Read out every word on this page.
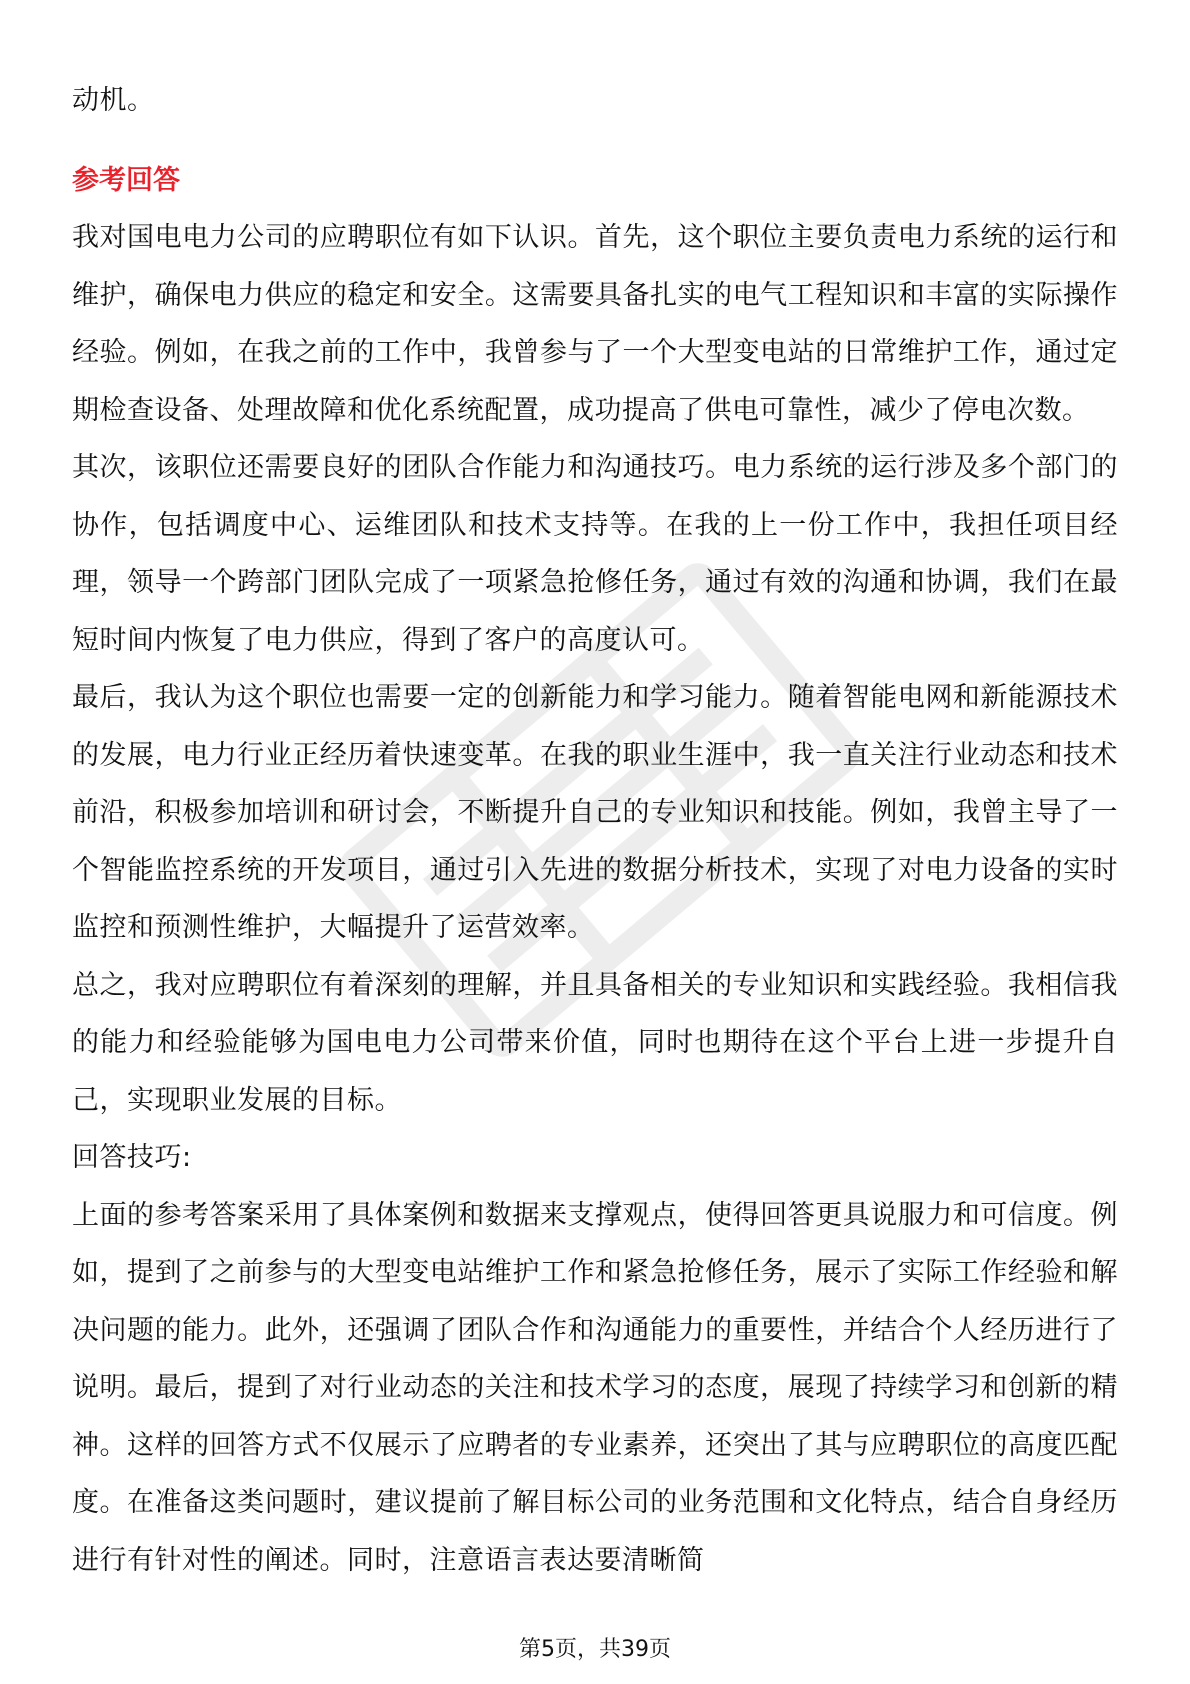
动机。

参考回答

我对国电电力公司的应聘职位有如下认识。首先，这个职位主要负责电力系统的运行和维护，确保电力供应的稳定和安全。这需要具备扎实的电气工程知识和丰富的实际操作经验。例如，在我之前的工作中，我曾参与了一个大型变电站的日常维护工作，通过定期检查设备、处理故障和优化系统配置，成功提高了供电可靠性，减少了停电次数。

其次，该职位还需要良好的团队合作能力和沟通技巧。电力系统的运行涉及多个部门的协作，包括调度中心、运维团队和技术支持等。在我的上一份工作中，我担任项目经理，领导一个跨部门团队完成了一项紧急抢修任务，通过有效的沟通和协调，我们在最短时间内恢复了电力供应，得到了客户的高度认可。

最后，我认为这个职位也需要一定的创新能力和学习能力。随着智能电网和新能源技术的发展，电力行业正经历着快速变革。在我的职业生涯中，我一直关注行业动态和技术前沿，积极参加培训和研讨会，不断提升自己的专业知识和技能。例如，我曾主导了一个智能监控系统的开发项目，通过引入先进的数据分析技术，实现了对电力设备的实时监控和预测性维护，大幅提升了运营效率。

总之，我对应聘职位有着深刻的理解，并且具备相关的专业知识和实践经验。我相信我的能力和经验能够为国电电力公司带来价值，同时也期待在这个平台上进一步提升自己，实现职业发展的目标。

回答技巧:

上面的参考答案采用了具体案例和数据来支撑观点，使得回答更具说服力和可信度。例如，提到了之前参与的大型变电站维护工作和紧急抢修任务，展示了实际工作经验和解决问题的能力。此外，还强调了团队合作和沟通能力的重要性，并结合个人经历进行了说明。最后，提到了对行业动态的关注和技术学习的态度，展现了持续学习和创新的精神。这样的回答方式不仅展示了应聘者的专业素养，还突出了其与应聘职位的高度匹配度。在准备这类问题时，建议提前了解目标公司的业务范围和文化特点，结合自身经历进行有针对性的阐述。同时，注意语言表达要清晰简

第5页，共39页
